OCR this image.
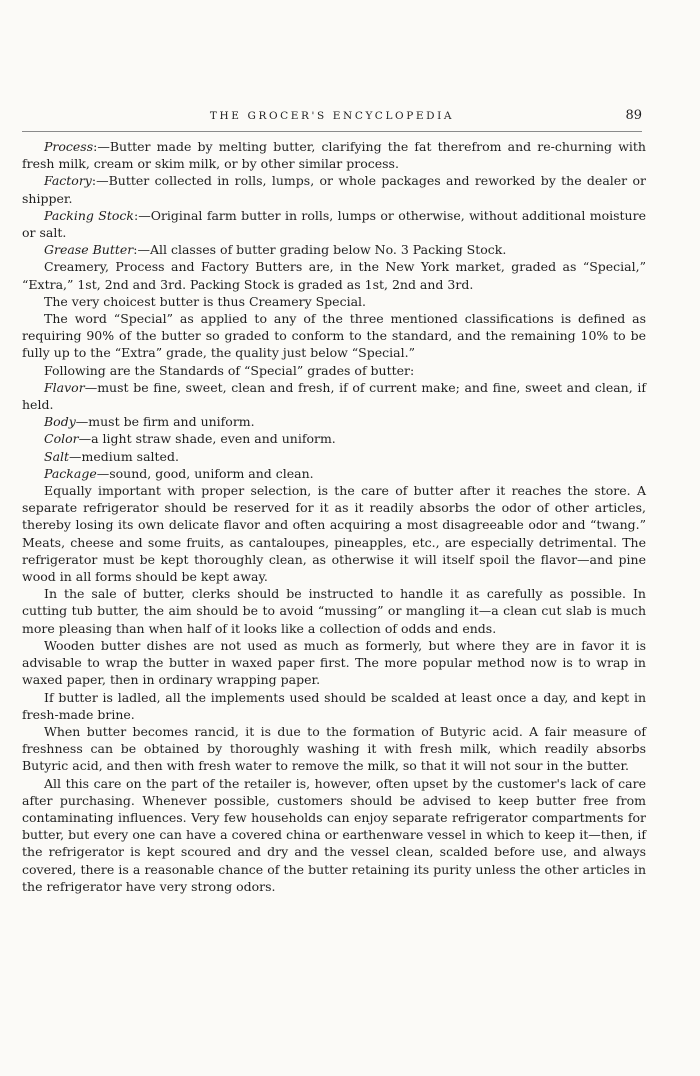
THE GROCER'S ENCYCLOPEDIA	89

Process:—Butter made by melting butter, clarifying the fat therefrom and re-churning with fresh milk, cream or skim milk, or by other similar process.

Factory:—Butter collected in rolls, lumps, or whole packages and reworked by the dealer or shipper.

Packing Stock:—Original farm butter in rolls, lumps or otherwise, without additional moisture or salt.

Grease Butter:—All classes of butter grading below No. 3 Packing Stock.

Creamery, Process and Factory Butters are, in the New York market, graded as “Special,” “Extra,” 1st, 2nd and 3rd. Packing Stock is graded as 1st, 2nd and 3rd.

The very choicest butter is thus Creamery Special.

The word “Special” as applied to any of the three mentioned classifications is defined as requiring 90% of the butter so graded to conform to the standard, and the remaining 10% to be fully up to the “Extra” grade, the quality just below “Special.”

Following are the Standards of “Special” grades of butter:

Flavor—must be fine, sweet, clean and fresh, if of current make; and fine, sweet and clean, if held.

Body—must be firm and uniform.

Color—a light straw shade, even and uniform.

Salt—medium salted.

Package—sound, good, uniform and clean.

Equally important with proper selection, is the care of butter after it reaches the store. A separate refrigerator should be reserved for it as it readily absorbs the odor of other articles, thereby losing its own delicate flavor and often acquiring a most disagreeable odor and “twang.” Meats, cheese and some fruits, as cantaloupes, pineapples, etc., are especially detrimental. The refrigerator must be kept thoroughly clean, as otherwise it will itself spoil the flavor—and pine wood in all forms should be kept away.

In the sale of butter, clerks should be instructed to handle it as carefully as possible. In cutting tub butter, the aim should be to avoid “mussing” or mangling it—a clean cut slab is much more pleasing than when half of it looks like a collection of odds and ends.

Wooden butter dishes are not used as much as formerly, but where they are in favor it is advisable to wrap the butter in waxed paper first. The more popular method now is to wrap in waxed paper, then in ordinary wrapping paper.

If butter is ladled, all the implements used should be scalded at least once a day, and kept in fresh-made brine.

When butter becomes rancid, it is due to the formation of Butyric acid. A fair measure of freshness can be obtained by thoroughly washing it with fresh milk, which readily absorbs Butyric acid, and then with fresh water to remove the milk, so that it will not sour in the butter.

All this care on the part of the retailer is, however, often upset by the customer's lack of care after purchasing. Whenever possible, customers should be advised to keep butter free from contaminating influences. Very few households can enjoy separate refrigerator compartments for butter, but every one can have a covered china or earthenware vessel in which to keep it—then, if the refrigerator is kept scoured and dry and the vessel clean, scalded before use, and always covered, there is a reasonable chance of the butter retaining its purity unless the other articles in the refrigerator have very strong odors.
